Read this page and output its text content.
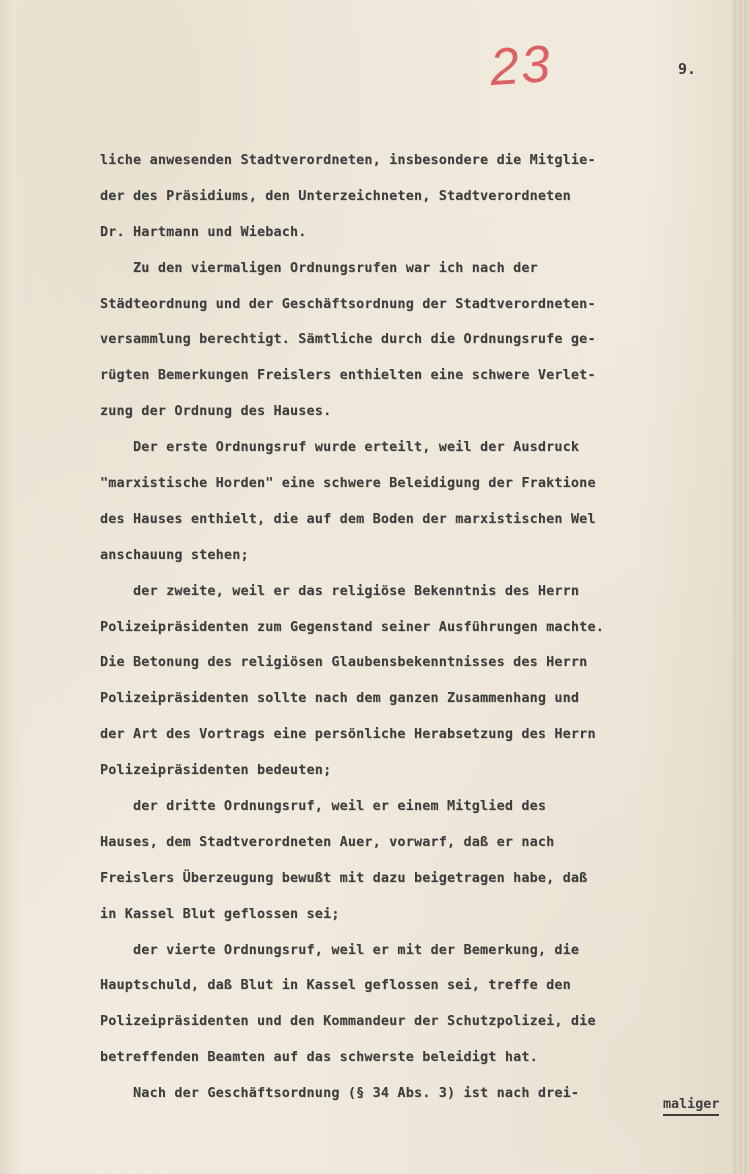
23	9.
liche anwesenden Stadtverordneten, insbesondere die Mitglie-
der des Präsidiums, den Unterzeichneten, Stadtverordneten
Dr. Hartmann und Wiebach.
Zu den viermaligen Ordnungsrufen war ich nach der
Städteordnung und der Geschäftsordnung der Stadtverordneten-
versammlung berechtigt. Sämtliche durch die Ordnungsrufe ge-
rügten Bemerkungen Freislers enthielten eine schwere Verlet-
zung der Ordnung des Hauses.
Der erste Ordnungsruf wurde erteilt, weil der Ausdruck
"marxistische Horden" eine schwere Beleidigung der Fraktione
des Hauses enthielt, die auf dem Boden der marxistischen Wel
anschauung stehen;
der zweite, weil er das religiöse Bekenntnis des Herrn
Polizeipräsidenten zum Gegenstand seiner Ausführungen machte.
Die Betonung des religiösen Glaubensbekenntnisses des Herrn
Polizeipräsidenten sollte nach dem ganzen Zusammenhang und
der Art des Vortrags eine persönliche Herabsetzung des Herrn
Polizeipräsidenten bedeuten;
der dritte Ordnungsruf, weil er einem Mitglied des
Hauses, dem Stadtverordneten Auer, vorwarf, daß er nach
Freislers Überzeugung bewußt mit dazu beigetragen habe, daß
in Kassel Blut geflossen sei;
der vierte Ordnungsruf, weil er mit der Bemerkung, die
Hauptschuld, daß Blut in Kassel geflossen sei, treffe den
Polizeipräsidenten und den Kommandeur der Schutzpolizei, die
betreffenden Beamten auf das schwerste beleidigt hat.
Nach der Geschäftsordnung (§ 34 Abs. 3) ist nach drei-
maliger
